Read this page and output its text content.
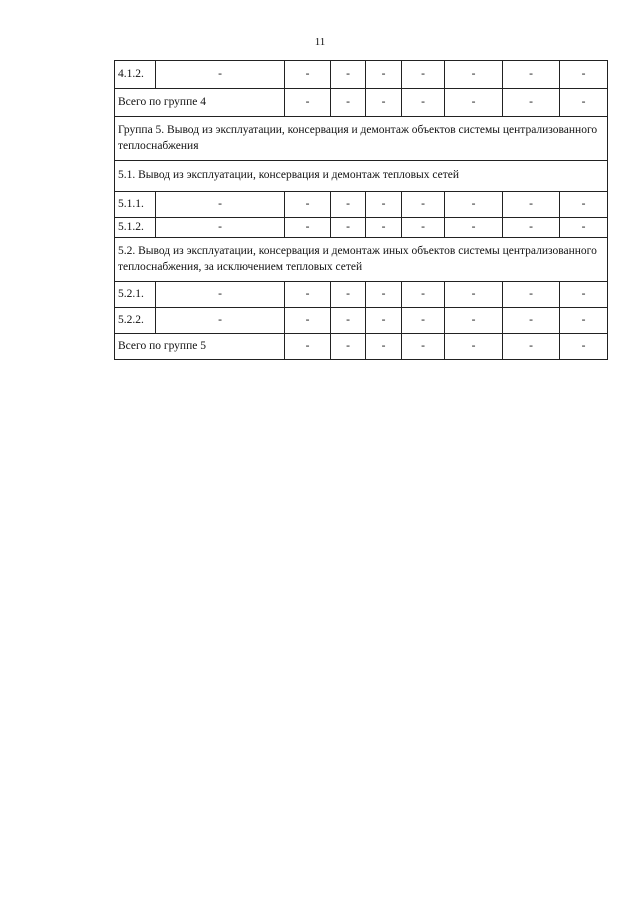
11
4.1.2.	-	-	-	-	-	-	-	-
Всего по группе 4		-	-	-	-	-	-	-
Группа 5. Вывод из эксплуатации, консервация и демонтаж объектов системы централизованного теплоснабжения								
5.1. Вывод из эксплуатации, консервация и демонтаж тепловых сетей								
5.1.1.	-	-	-	-	-	-	-	-
5.1.2.	-	-	-	-	-	-	-	-
5.2. Вывод из эксплуатации, консервация и демонтаж иных объектов системы централизованного теплоснабжения, за исключением тепловых сетей								
5.2.1.	-	-	-	-	-	-	-	-
5.2.2.	-	-	-	-	-	-	-	-
Всего по группе 5		-	-	-	-	-	-	-
